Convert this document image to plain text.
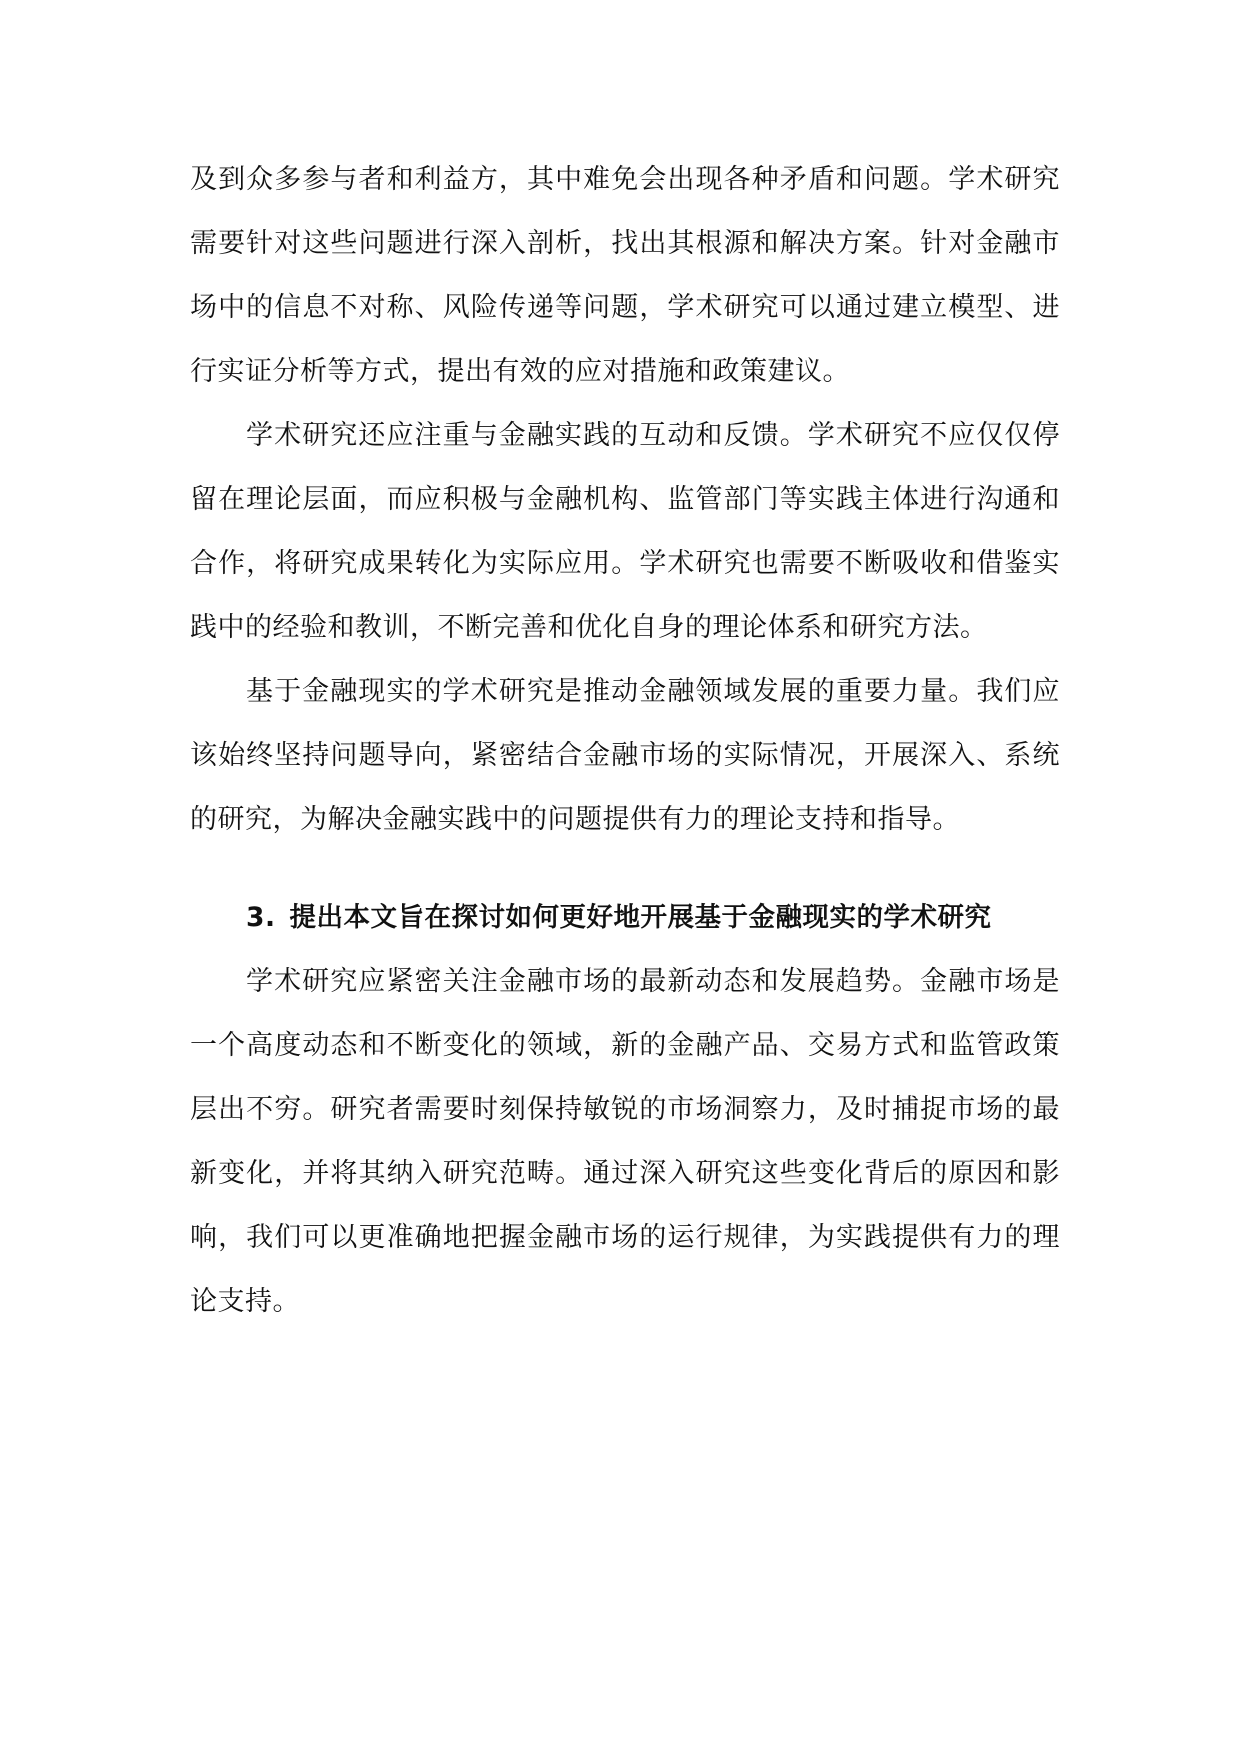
及到众多参与者和利益方，其中难免会出现各种矛盾和问题。学术研究需要针对这些问题进行深入剖析，找出其根源和解决方案。针对金融市场中的信息不对称、风险传递等问题，学术研究可以通过建立模型、进行实证分析等方式，提出有效的应对措施和政策建议。

学术研究还应注重与金融实践的互动和反馈。学术研究不应仅仅停留在理论层面，而应积极与金融机构、监管部门等实践主体进行沟通和合作，将研究成果转化为实际应用。学术研究也需要不断吸收和借鉴实践中的经验和教训，不断完善和优化自身的理论体系和研究方法。

基于金融现实的学术研究是推动金融领域发展的重要力量。我们应该始终坚持问题导向，紧密结合金融市场的实际情况，开展深入、系统的研究，为解决金融实践中的问题提供有力的理论支持和指导。

3. 提出本文旨在探讨如何更好地开展基于金融现实的学术研究

学术研究应紧密关注金融市场的最新动态和发展趋势。金融市场是一个高度动态和不断变化的领域，新的金融产品、交易方式和监管政策层出不穷。研究者需要时刻保持敏锐的市场洞察力，及时捕捉市场的最新变化，并将其纳入研究范畴。通过深入研究这些变化背后的原因和影响，我们可以更准确地把握金融市场的运行规律，为实践提供有力的理论支持。
